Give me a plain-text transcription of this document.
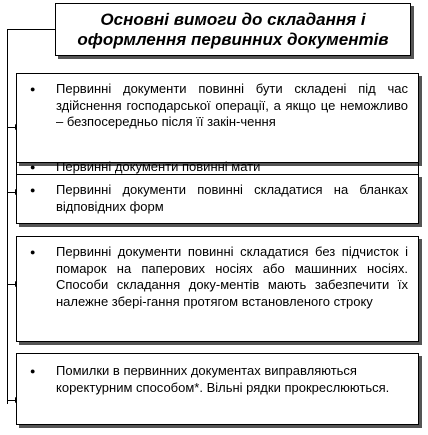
Основні вимоги до складання і оформлення первинних документів
●	Первинні документи повинні бути складені під час здійснення господарської операції, а якщо це неможливо – безпосередньо після її закін-чення
●	Первинні документи повинні мати
●	Первинні документи повинні складатися на бланках відповідних форм
●	Первинні документи повинні складатися без підчисток і помарок на паперових носіях або машинних носіях. Способи складання доку-ментів мають забезпечити їх належне зберi-гання протягом встановленого строку
●	Помилки в первинних документах виправляються коректурним способом*. Вільні рядки прокреслюються.
